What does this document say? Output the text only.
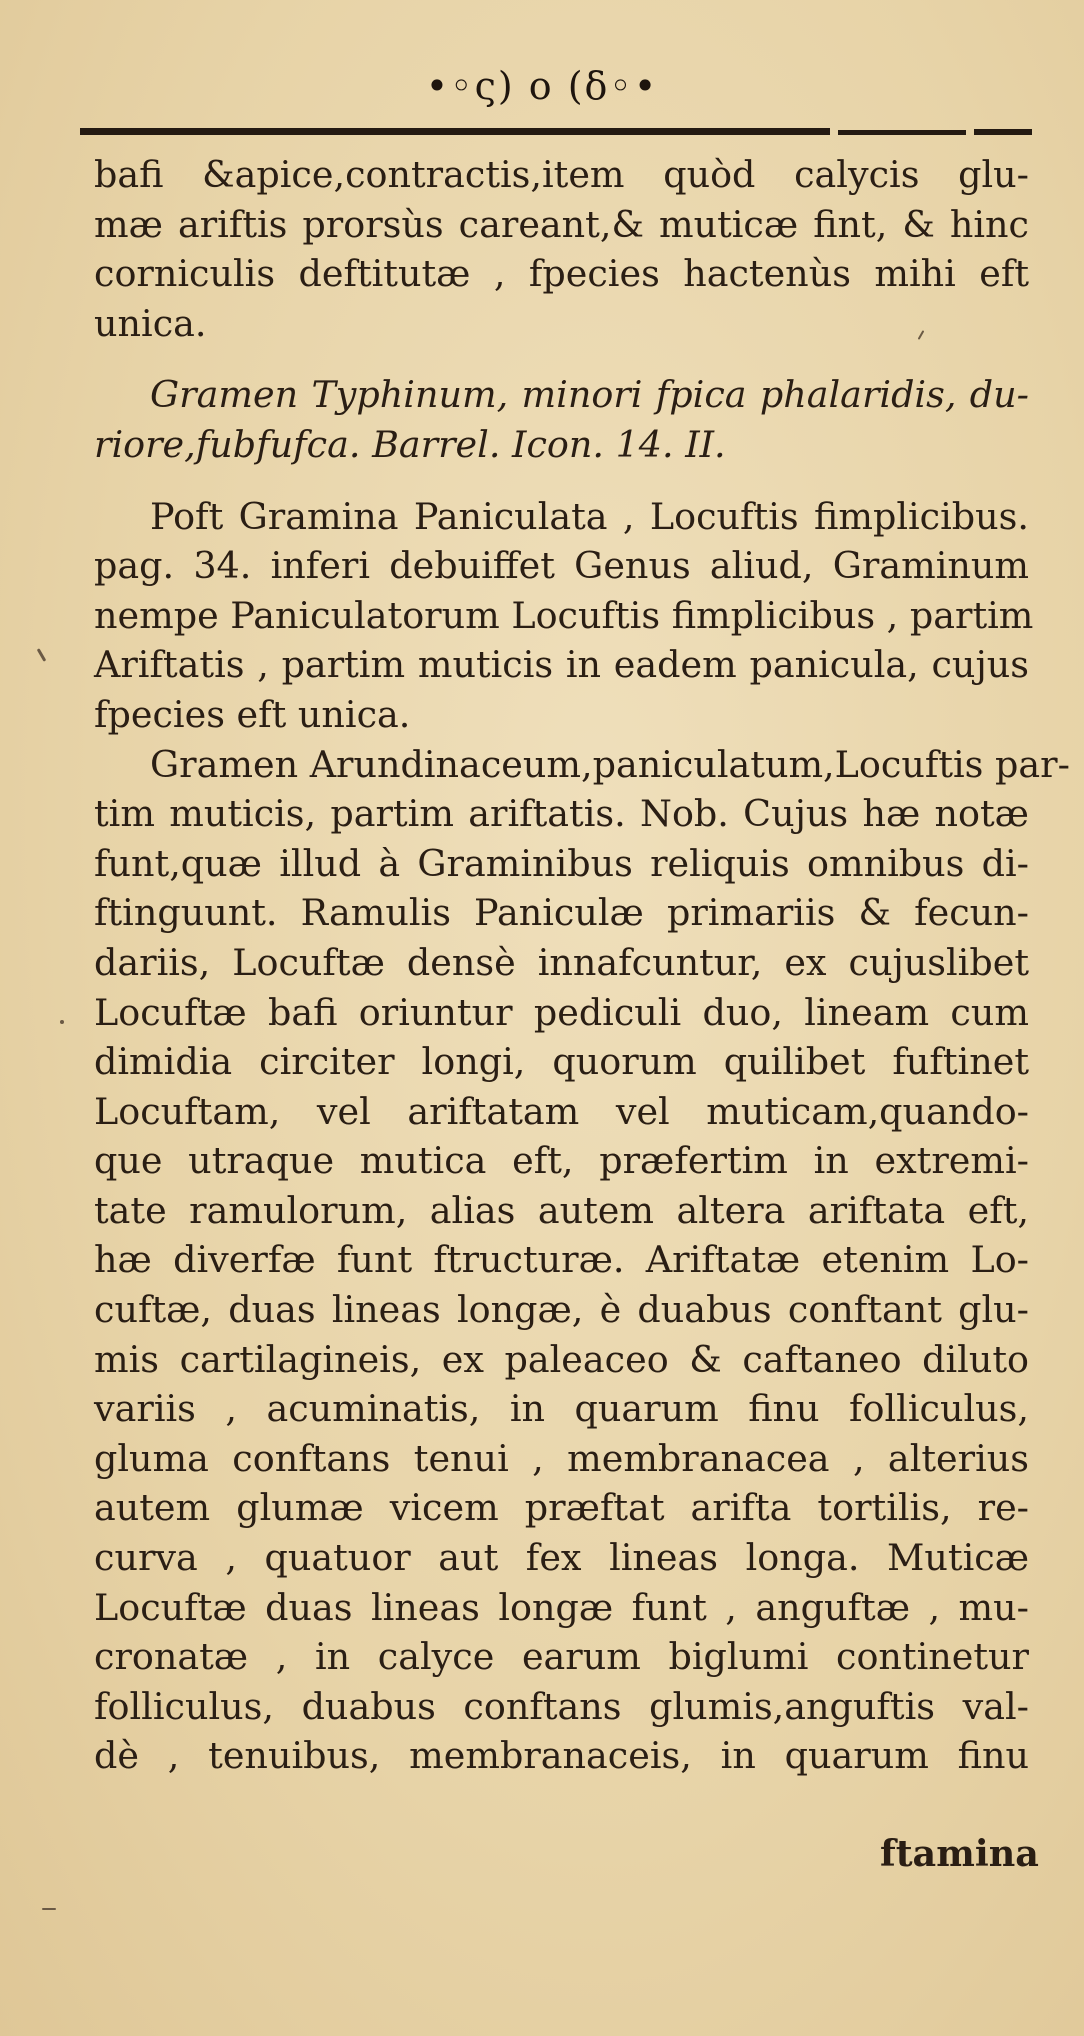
•◦ς) o (δ◦•
bafi &apice,contractis,item quòd calycis glu-
mæ ariftis prorsùs careant,& muticæ fint, & hinc
corniculis deftitutæ , fpecies hactenùs mihi eft
unica.
Gramen Typhinum, minori fpica phalaridis, du-
riore,fubfufca. Barrel. Icon. 14. II.
Poft Gramina Paniculata , Locuftis fimplicibus.
pag. 34. inferi debuiffet Genus aliud, Graminum
nempe Paniculatorum Locuftis fimplicibus , partim
Ariftatis , partim muticis in eadem panicula, cujus
fpecies eft unica.
Gramen Arundinaceum,paniculatum,Locuftis par-
tim muticis, partim ariftatis. Nob. Cujus hæ notæ
funt,quæ illud à Graminibus reliquis omnibus di-
ftinguunt. Ramulis Paniculæ primariis & fecun-
dariis, Locuftæ densè innafcuntur, ex cujuslibet
Locuftæ bafi oriuntur pediculi duo, lineam cum
dimidia circiter longi, quorum quilibet fuftinet
Locuftam, vel ariftatam vel muticam,quando-
que utraque mutica eft, præfertim in extremi-
tate ramulorum, alias autem altera ariftata eft,
hæ diverfæ funt ftructuræ. Ariftatæ etenim Lo-
cuftæ, duas lineas longæ, è duabus conftant glu-
mis cartilagineis, ex paleaceo & caftaneo diluto
variis , acuminatis, in quarum finu folliculus,
gluma conftans tenui , membranacea , alterius
autem glumæ vicem præftat arifta tortilis, re-
curva , quatuor aut fex lineas longa. Muticæ
Locuftæ duas lineas longæ funt , anguftæ , mu-
cronatæ , in calyce earum biglumi continetur
folliculus, duabus conftans glumis,anguftis val-
dè , tenuibus, membranaceis, in quarum finu
ftamina
